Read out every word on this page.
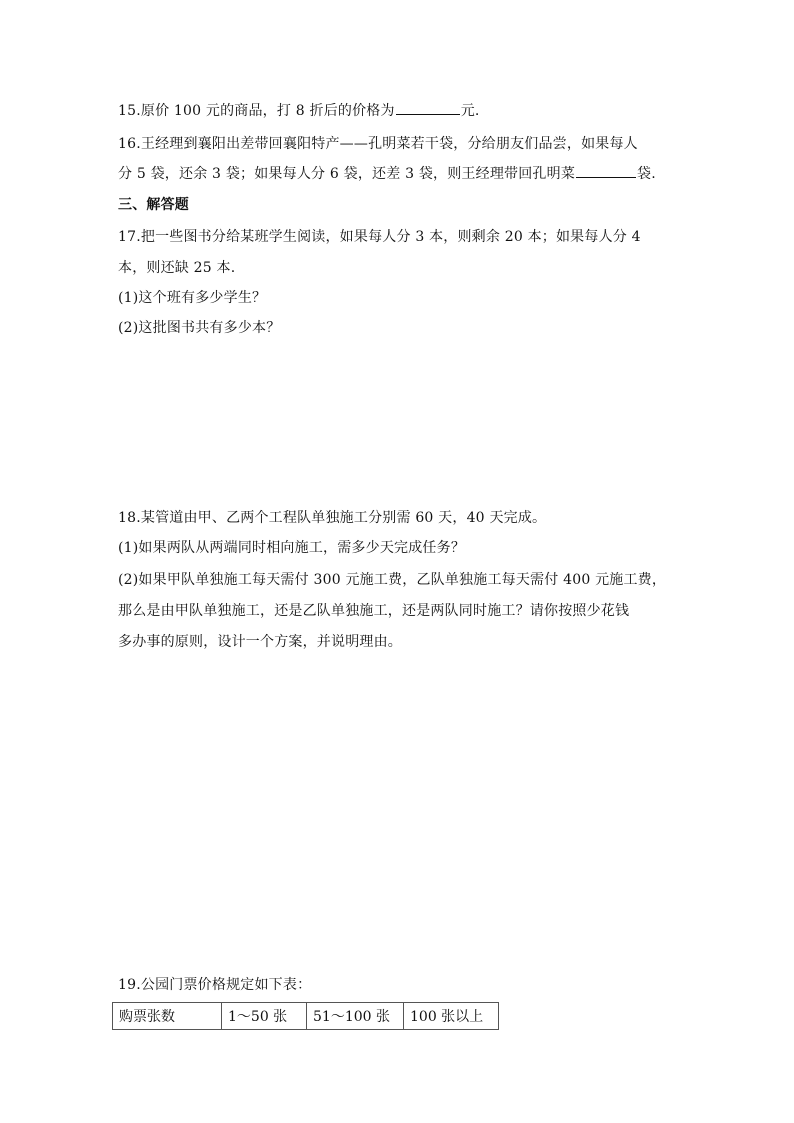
15.原价 100 元的商品，打 8 折后的价格为	元.
16.王经理到襄阳出差带回襄阳特产——孔明菜若干袋，分给朋友们品尝，如果每人
分 5 袋，还余 3 袋；如果每人分 6 袋，还差 3 袋，则王经理带回孔明菜	袋.
三、解答题
17.把一些图书分给某班学生阅读，如果每人分 3 本，则剩余 20 本；如果每人分 4
本，则还缺 25 本.
(1)这个班有多少学生？
(2)这批图书共有多少本？
18.某管道由甲、乙两个工程队单独施工分别需 60 天，40 天完成。
(1)如果两队从两端同时相向施工，需多少天完成任务？
(2)如果甲队单独施工每天需付 300 元施工费，乙队单独施工每天需付 400 元施工费，
那么是由甲队单独施工，还是乙队单独施工，还是两队同时施工？请你按照少花钱
多办事的原则，设计一个方案，并说明理由。
19.公园门票价格规定如下表：
购票张数	1～50 张	51～100 张	100 张以上
